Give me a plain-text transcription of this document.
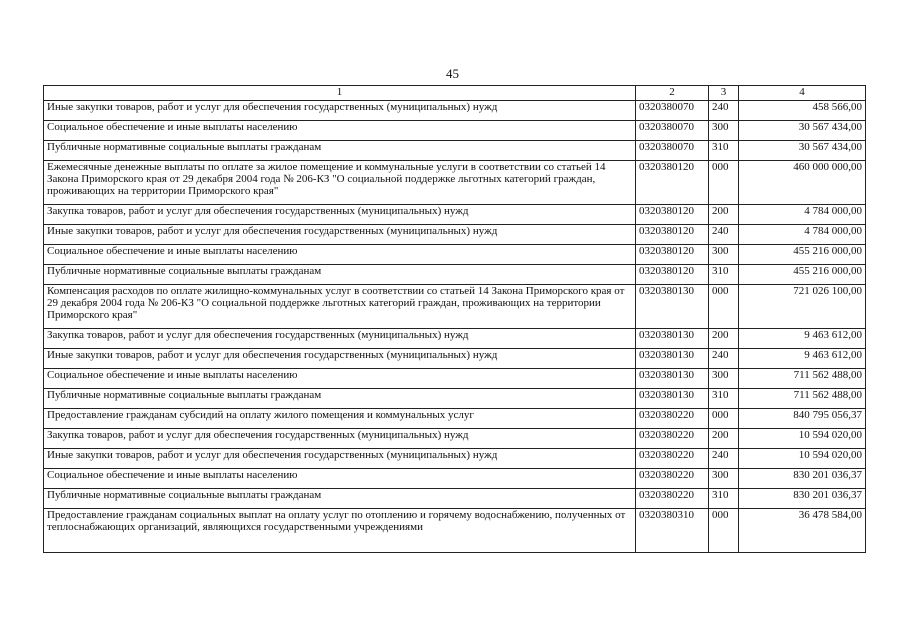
45
1	2	3	4
Иные закупки товаров, работ и услуг для обеспечения государственных (муниципальных) нужд	0320380070	240	458 566,00
Социальное обеспечение и иные выплаты населению	0320380070	300	30 567 434,00
Публичные нормативные социальные выплаты гражданам	0320380070	310	30 567 434,00
Ежемесячные денежные выплаты по оплате за жилое помещение и коммунальные услуги в соответствии со статьей 14 Закона Приморского края от 29 декабря 2004 года № 206-КЗ "О социальной поддержке льготных категорий граждан, проживающих на территории Приморского края"	0320380120	000	460 000 000,00
Закупка товаров, работ и услуг для обеспечения государственных (муниципальных) нужд	0320380120	200	4 784 000,00
Иные закупки товаров, работ и услуг для обеспечения государственных (муниципальных) нужд	0320380120	240	4 784 000,00
Социальное обеспечение и иные выплаты населению	0320380120	300	455 216 000,00
Публичные нормативные социальные выплаты гражданам	0320380120	310	455 216 000,00
Компенсация расходов по оплате жилищно-коммунальных услуг в соответствии со статьей 14 Закона Приморского края от 29 декабря 2004 года № 206-КЗ "О социальной поддержке льготных категорий граждан, проживающих на территории Приморского края"	0320380130	000	721 026 100,00
Закупка товаров, работ и услуг для обеспечения государственных (муниципальных) нужд	0320380130	200	9 463 612,00
Иные закупки товаров, работ и услуг для обеспечения государственных (муниципальных) нужд	0320380130	240	9 463 612,00
Социальное обеспечение и иные выплаты населению	0320380130	300	711 562 488,00
Публичные нормативные социальные выплаты гражданам	0320380130	310	711 562 488,00
Предоставление гражданам субсидий на оплату жилого помещения и коммунальных услуг	0320380220	000	840 795 056,37
Закупка товаров, работ и услуг для обеспечения государственных (муниципальных) нужд	0320380220	200	10 594 020,00
Иные закупки товаров, работ и услуг для обеспечения государственных (муниципальных) нужд	0320380220	240	10 594 020,00
Социальное обеспечение и иные выплаты населению	0320380220	300	830 201 036,37
Публичные нормативные социальные выплаты гражданам	0320380220	310	830 201 036,37
Предоставление гражданам социальных выплат на оплату услуг по отоплению и горячему водоснабжению, полученных от теплоснабжающих организаций, являющихся государственными учреждениями	0320380310	000	36 478 584,00
